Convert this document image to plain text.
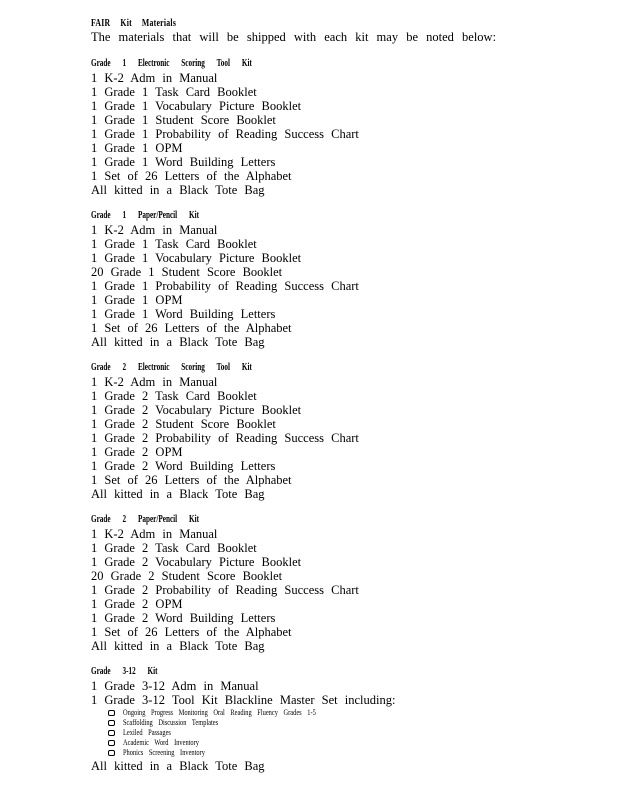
FAIR Kit Materials
The materials that will be shipped with each kit may be noted below:
Grade 1 Electronic Scoring Tool Kit
1 K-2 Adm in Manual
1 Grade 1 Task Card Booklet
1 Grade 1 Vocabulary Picture Booklet
1 Grade 1 Student Score Booklet
1 Grade 1 Probability of Reading Success Chart
1 Grade 1 OPM
1 Grade 1 Word Building Letters
1 Set of 26 Letters of the Alphabet
All kitted in a Black Tote Bag
Grade 1 Paper/Pencil Kit
1 K-2 Adm in Manual
1 Grade 1 Task Card Booklet
1 Grade 1 Vocabulary Picture Booklet
20 Grade 1 Student Score Booklet
1 Grade 1 Probability of Reading Success Chart
1 Grade 1 OPM
1 Grade 1 Word Building Letters
1 Set of 26 Letters of the Alphabet
All kitted in a Black Tote Bag
Grade 2 Electronic Scoring Tool Kit
1 K-2 Adm in Manual
1 Grade 2 Task Card Booklet
1 Grade 2 Vocabulary Picture Booklet
1 Grade 2 Student Score Booklet
1 Grade 2 Probability of Reading Success Chart
1 Grade 2 OPM
1 Grade 2 Word Building Letters
1 Set of 26 Letters of the Alphabet
All kitted in a Black Tote Bag
Grade 2 Paper/Pencil Kit
1 K-2 Adm in Manual
1 Grade 2 Task Card Booklet
1 Grade 2 Vocabulary Picture Booklet
20 Grade 2 Student Score Booklet
1 Grade 2 Probability of Reading Success Chart
1 Grade 2 OPM
1 Grade 2 Word Building Letters
1 Set of 26 Letters of the Alphabet
All kitted in a Black Tote Bag
Grade 3-12 Kit
1 Grade 3-12 Adm in Manual
1 Grade 3-12 Tool Kit Blackline Master Set including:
Ongoing Progress Monitoring Oral Reading Fluency Grades 1-5
Scaffolding Discussion Templates
Lexiled Passages
Academic Word Inventory
Phonics Screening Inventory
All kitted in a Black Tote Bag
